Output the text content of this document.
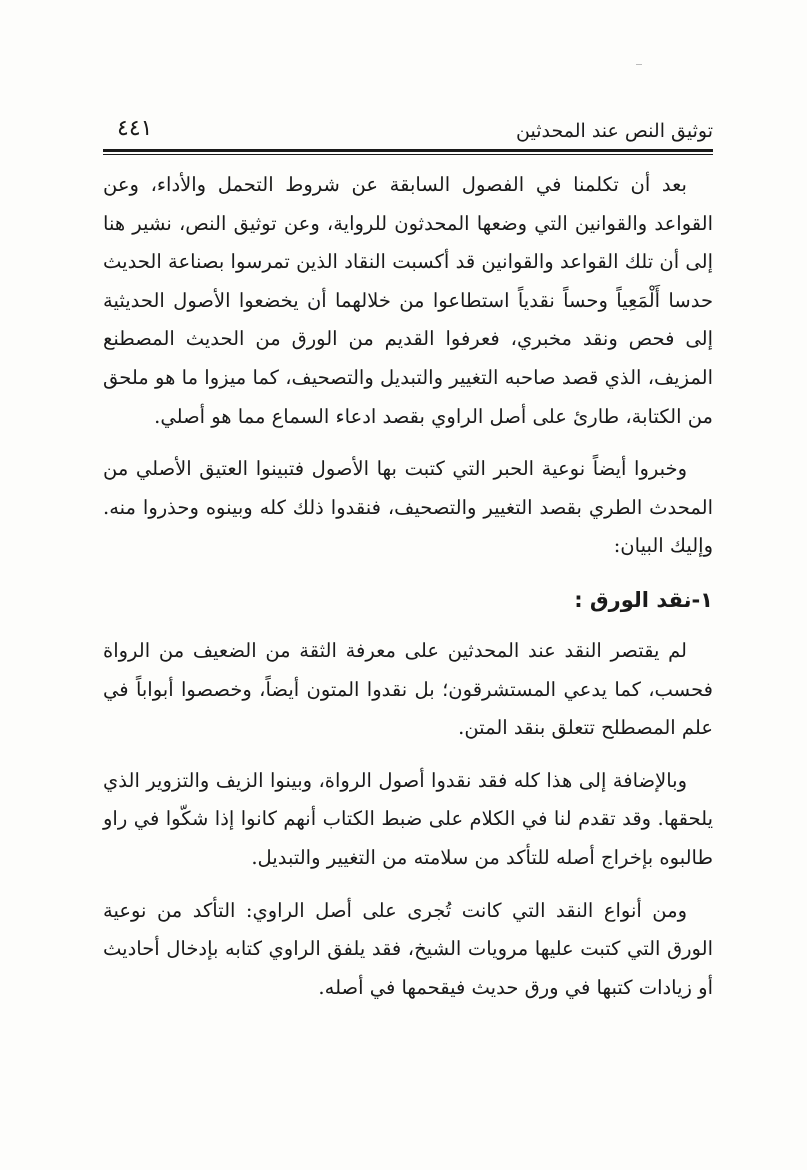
توثيق النص عند المحدثين
٤٤١

بعد أن تكلمنا في الفصول السابقة عن شروط التحمل والأداء، وعن القواعد والقوانين التي وضعها المحدثون للرواية، وعن توثيق النص، نشير هنا إلى أن تلك القواعد والقوانين قد أكسبت النقاد الذين تمرسوا بصناعة الحديث حدسا أَلْمَعِياً وحساً نقدياً استطاعوا من خلالهما أن يخضعوا الأصول الحديثية إلى فحص ونقد مخبري، فعرفوا القديم من الورق من الحديث المصطنع المزيف، الذي قصد صاحبه التغيير والتبديل والتصحيف، كما ميزوا ما هو ملحق من الكتابة، طارئ على أصل الراوي بقصد ادعاء السماع مما هو أصلي.

وخبروا أيضاً نوعية الحبر التي كتبت بها الأصول فتبينوا العتيق الأصلي من المحدث الطري بقصد التغيير والتصحيف، فنقدوا ذلك كله وبينوه وحذروا منه. وإليك البيان:

١-نقد الورق :

لم يقتصر النقد عند المحدثين على معرفة الثقة من الضعيف من الرواة فحسب، كما يدعي المستشرقون؛ بل نقدوا المتون أيضاً، وخصصوا أبواباً في علم المصطلح تتعلق بنقد المتن.

وبالإضافة إلى هذا كله فقد نقدوا أصول الرواة، وبينوا الزيف والتزوير الذي يلحقها. وقد تقدم لنا في الكلام على ضبط الكتاب أنهم كانوا إذا شكّوا في راو طالبوه بإخراج أصله للتأكد من سلامته من التغيير والتبديل.

ومن أنواع النقد التي كانت تُجرى على أصل الراوي: التأكد من نوعية الورق التي كتبت عليها مرويات الشيخ، فقد يلفق الراوي كتابه بإدخال أحاديث أو زيادات كتبها في ورق حديث فيقحمها في أصله.
